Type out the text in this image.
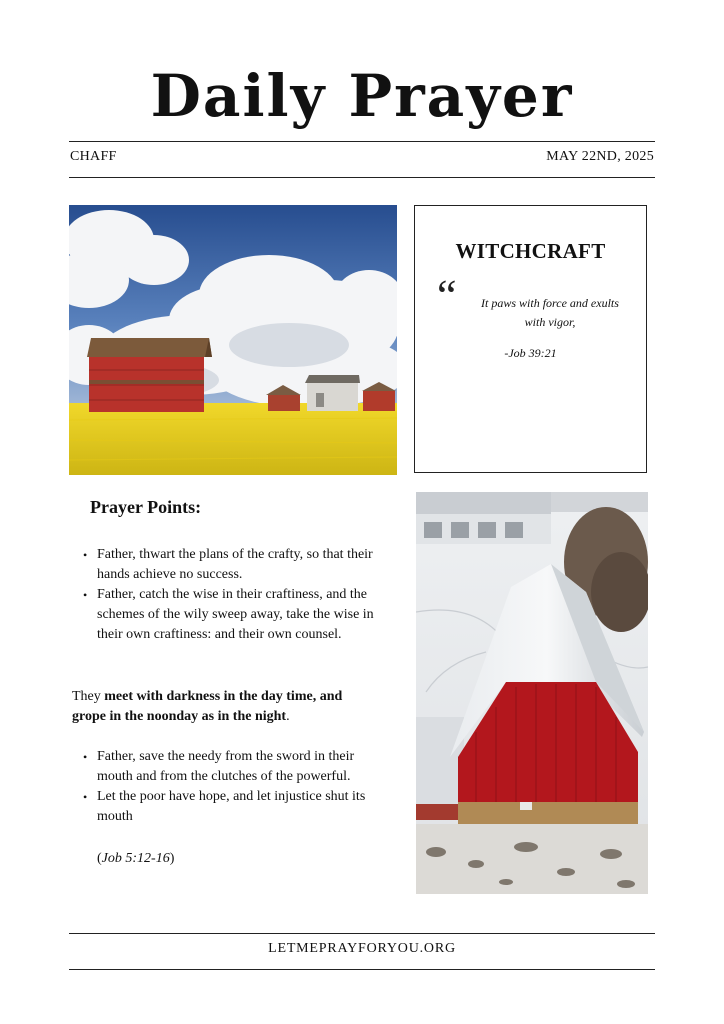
Daily Prayer
CHAFF	MAY 22ND, 2025
WITCHCRAFT
“	It paws with force and exults with vigor,
-Job 39:21
Prayer Points:
• Father, thwart the plans of the crafty, so that their hands achieve no success.
• Father, catch the wise in their craftiness, and the schemes of the wily sweep away, take the wise in their own craftiness: and their own counsel.
They meet with darkness in the day time, and grope in the noonday as in the night.
• Father, save the needy from the sword in their mouth and from the clutches of the powerful.
• Let the poor have hope, and let injustice shut its mouth
(Job 5:12-16)
LETMEPRAYFORYOU.ORG
